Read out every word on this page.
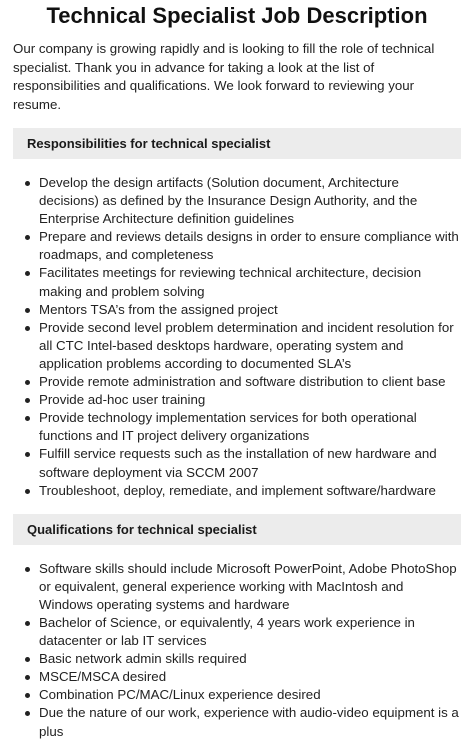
Technical Specialist Job Description

Our company is growing rapidly and is looking to fill the role of technical specialist. Thank you in advance for taking a look at the list of responsibilities and qualifications. We look forward to reviewing your resume.

Responsibilities for technical specialist
Develop the design artifacts (Solution document, Architecture decisions) as defined by the Insurance Design Authority, and the Enterprise Architecture definition guidelines
Prepare and reviews details designs in order to ensure compliance with roadmaps, and completeness
Facilitates meetings for reviewing technical architecture, decision making and problem solving
Mentors TSA’s from the assigned project
Provide second level problem determination and incident resolution for all CTC Intel-based desktops hardware, operating system and application problems according to documented SLA’s
Provide remote administration and software distribution to client base
Provide ad-hoc user training
Provide technology implementation services for both operational functions and IT project delivery organizations
Fulfill service requests such as the installation of new hardware and software deployment via SCCM 2007
Troubleshoot, deploy, remediate, and implement software/hardware
Qualifications for technical specialist
Software skills should include Microsoft PowerPoint, Adobe PhotoShop or equivalent, general experience working with MacIntosh and Windows operating systems and hardware
Bachelor of Science, or equivalently, 4 years work experience in datacenter or lab IT services
Basic network admin skills required
MSCE/MSCA desired
Combination PC/MAC/Linux experience desired
Due the nature of our work, experience with audio-video equipment is a plus
